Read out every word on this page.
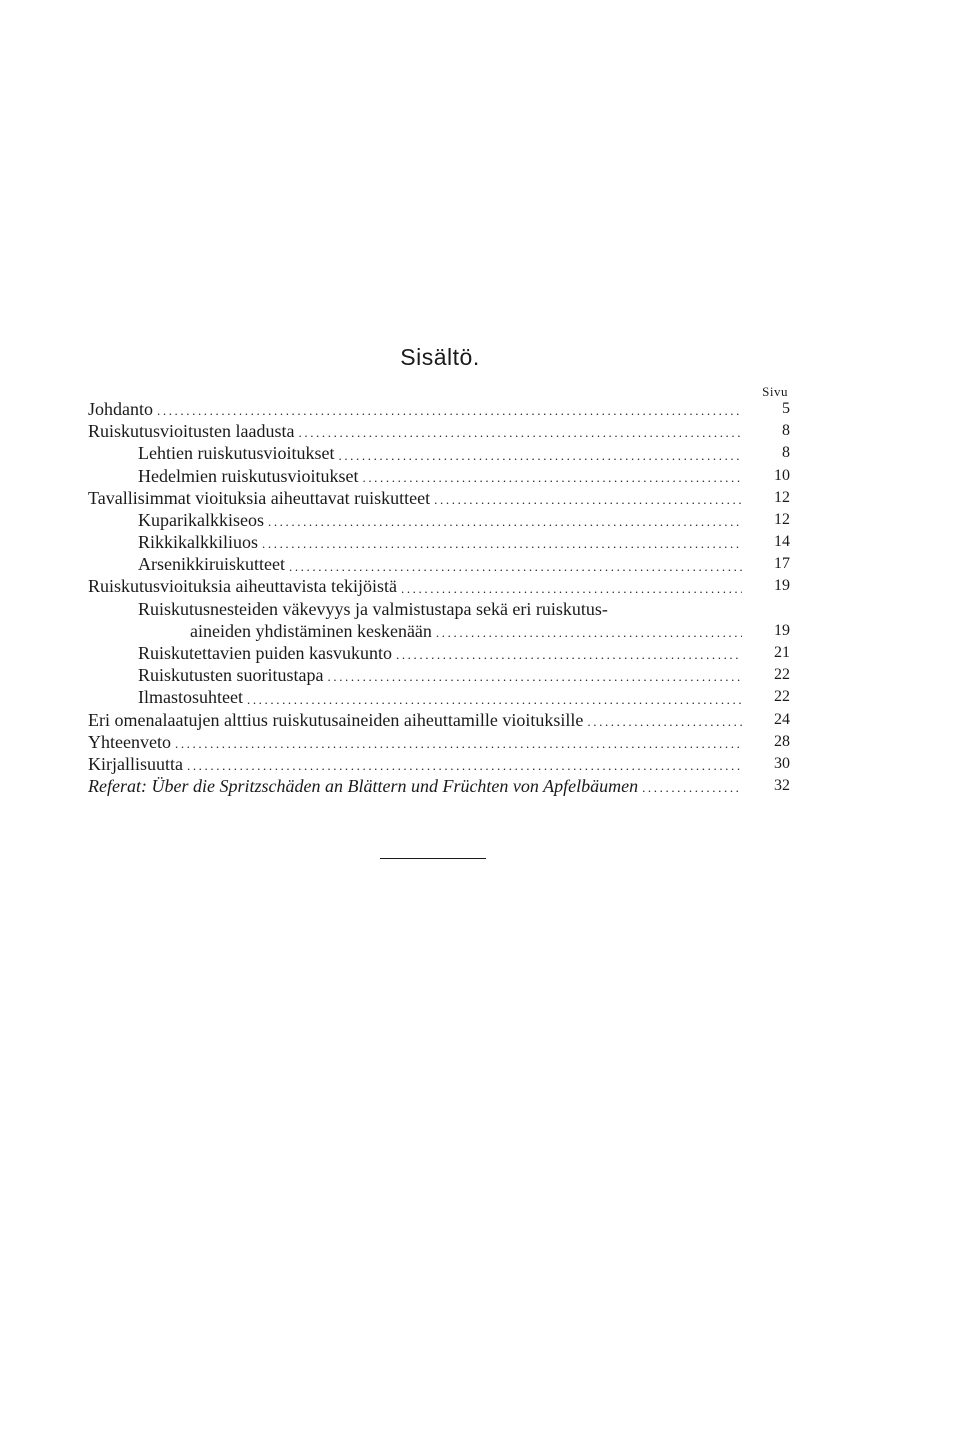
Sisältö.
Sivu
Johdanto .....	5
Ruiskutusvioitusten laadusta .....	8
Lehtien ruiskutusvioitukset .....	8
Hedelmien ruiskutusvioitukset .....	10
Tavallisimmat vioituksia aiheuttavat ruiskutteet .....	12
Kuparikalkkiseos .....	12
Rikkikalkkiliuos .....	14
Arsenikkiruiskutteet .....	17
Ruiskutusvioituksia aiheuttavista tekijöistä .....	19
Ruiskutusnesteiden väkevyys ja valmistustapa sekä eri ruiskutus-
aineiden yhdistäminen keskenään .....	19
Ruiskutettavien puiden kasvukunto .....	21
Ruiskutusten suoritustapa .....	22
Ilmastosuhteet .....	22
Eri omenalaatujen alttius ruiskutusaineiden aiheuttamille vioituksille .....	24
Yhteenveto .....	28
Kirjallisuutta .....	30
Referat: Über die Spritzschäden an Blättern und Früchten von Apfelbäumen .....	32
